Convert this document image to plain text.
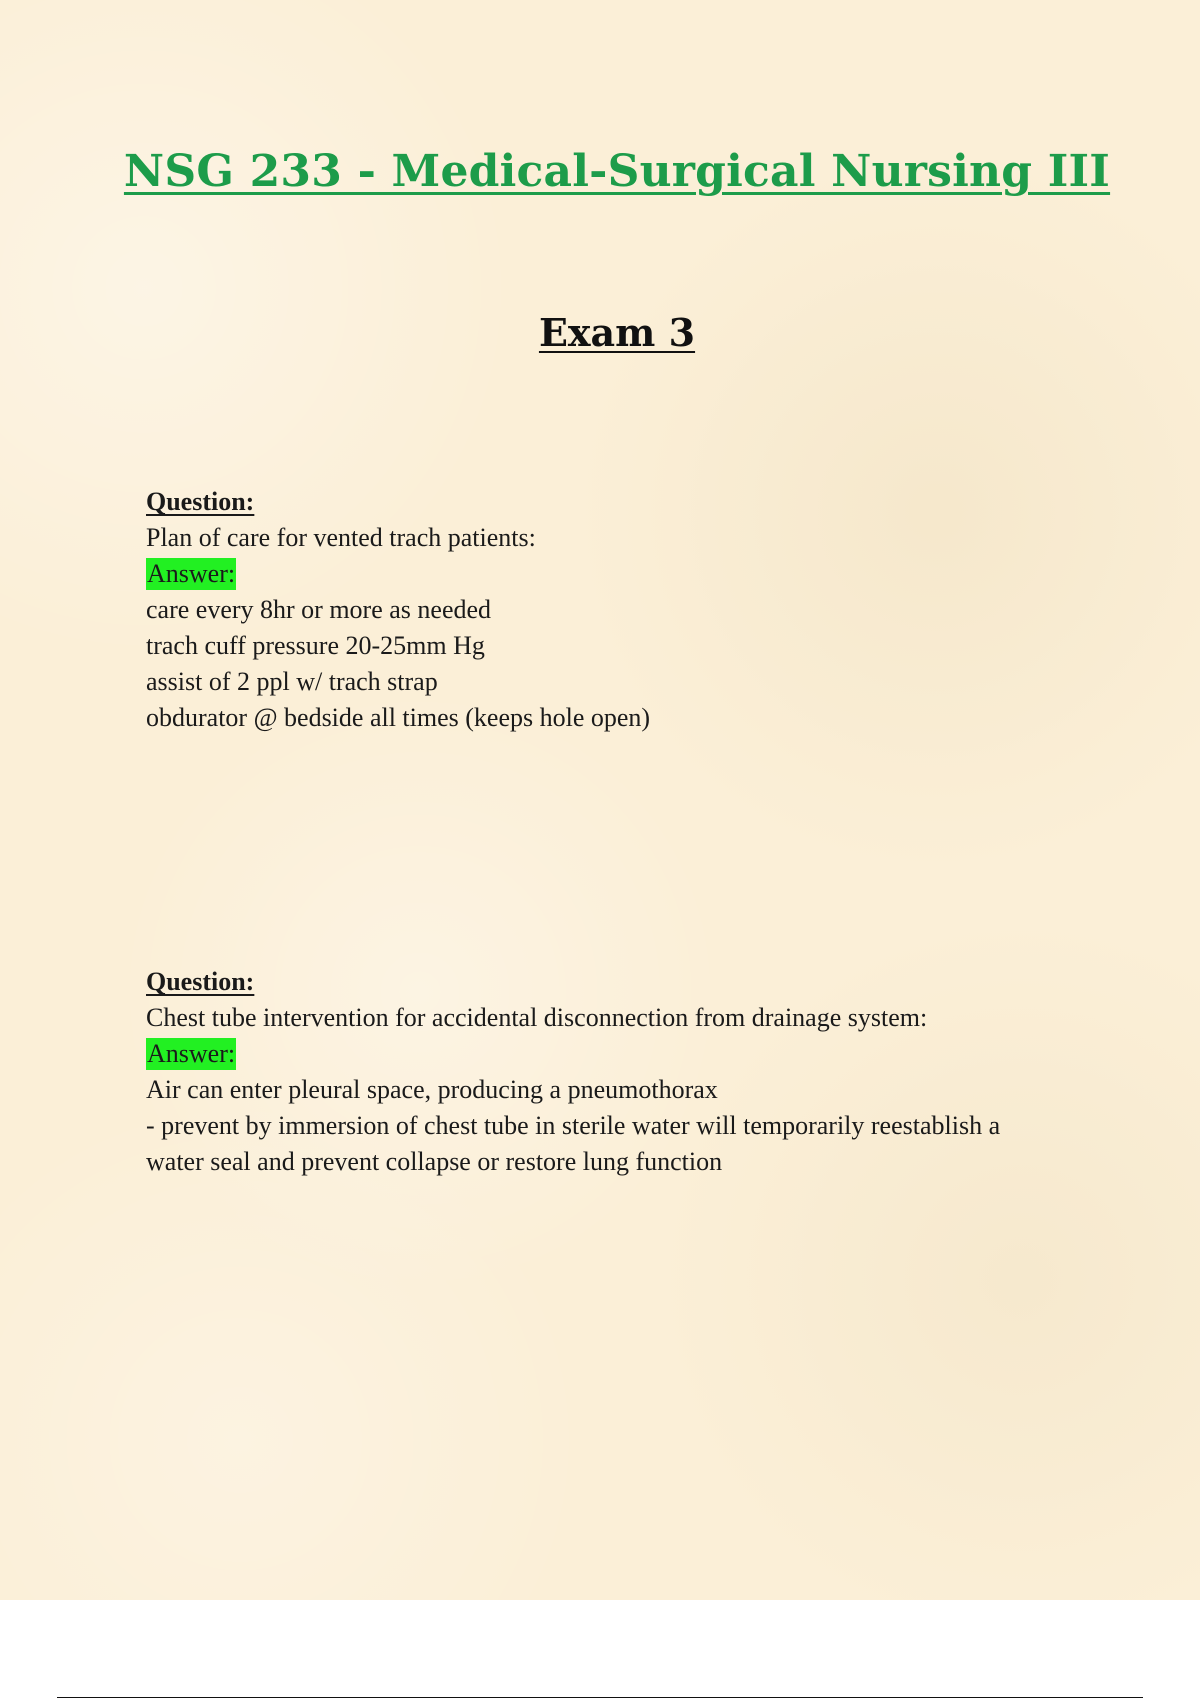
NSG 233 - Medical-Surgical Nursing III
Exam 3

Question:

Plan of care for vented trach patients:

Answer:

care every 8hr or more as needed

trach cuff pressure 20-25mm Hg

assist of 2 ppl w/ trach strap

obdurator @ bedside all times (keeps hole open)

Question:

Chest tube intervention for accidental disconnection from drainage system:

Answer:

Air can enter pleural space, producing a pneumothorax

- prevent by immersion of chest tube in sterile water will temporarily reestablish a water seal and prevent collapse or restore lung function
